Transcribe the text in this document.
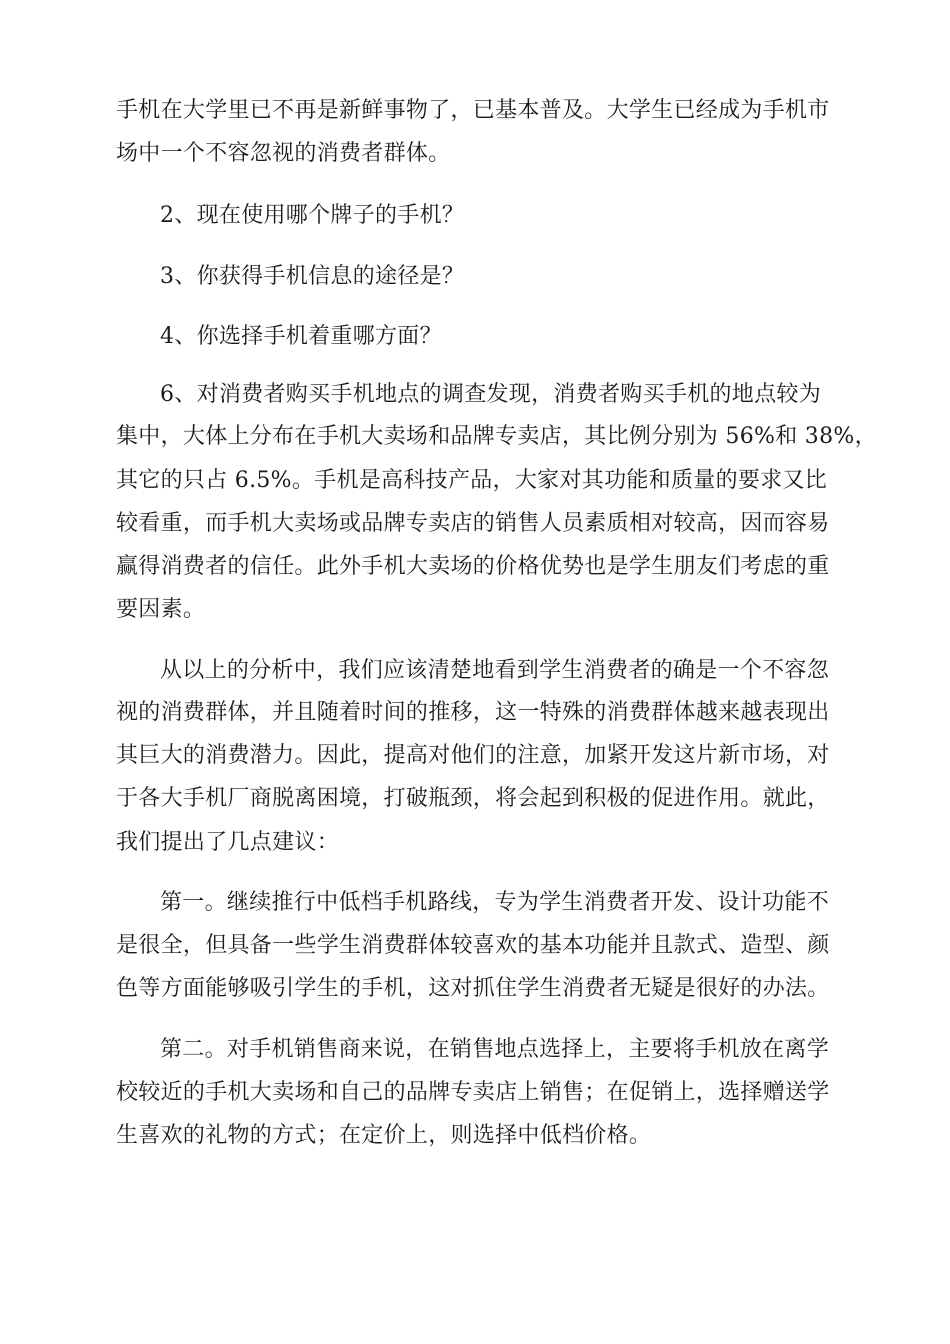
手机在大学里已不再是新鲜事物了，已基本普及。大学生已经成为手机市
场中一个不容忽视的消费者群体。
2、现在使用哪个牌子的手机？
3、你获得手机信息的途径是？
4、你选择手机着重哪方面？
6、对消费者购买手机地点的调查发现，消费者购买手机的地点较为
集中，大体上分布在手机大卖场和品牌专卖店，其比例分别为 56%和 38%，
其它的只占 6.5%。手机是高科技产品，大家对其功能和质量的要求又比
较看重，而手机大卖场或品牌专卖店的销售人员素质相对较高，因而容易
赢得消费者的信任。此外手机大卖场的价格优势也是学生朋友们考虑的重
要因素。
从以上的分析中，我们应该清楚地看到学生消费者的确是一个不容忽
视的消费群体，并且随着时间的推移，这一特殊的消费群体越来越表现出
其巨大的消费潜力。因此，提高对他们的注意，加紧开发这片新市场，对
于各大手机厂商脱离困境，打破瓶颈，将会起到积极的促进作用。就此，
我们提出了几点建议：
第一。继续推行中低档手机路线，专为学生消费者开发、设计功能不
是很全，但具备一些学生消费群体较喜欢的基本功能并且款式、造型、颜
色等方面能够吸引学生的手机，这对抓住学生消费者无疑是很好的办法。
第二。对手机销售商来说，在销售地点选择上，主要将手机放在离学
校较近的手机大卖场和自己的品牌专卖店上销售；在促销上，选择赠送学
生喜欢的礼物的方式；在定价上，则选择中低档价格。
